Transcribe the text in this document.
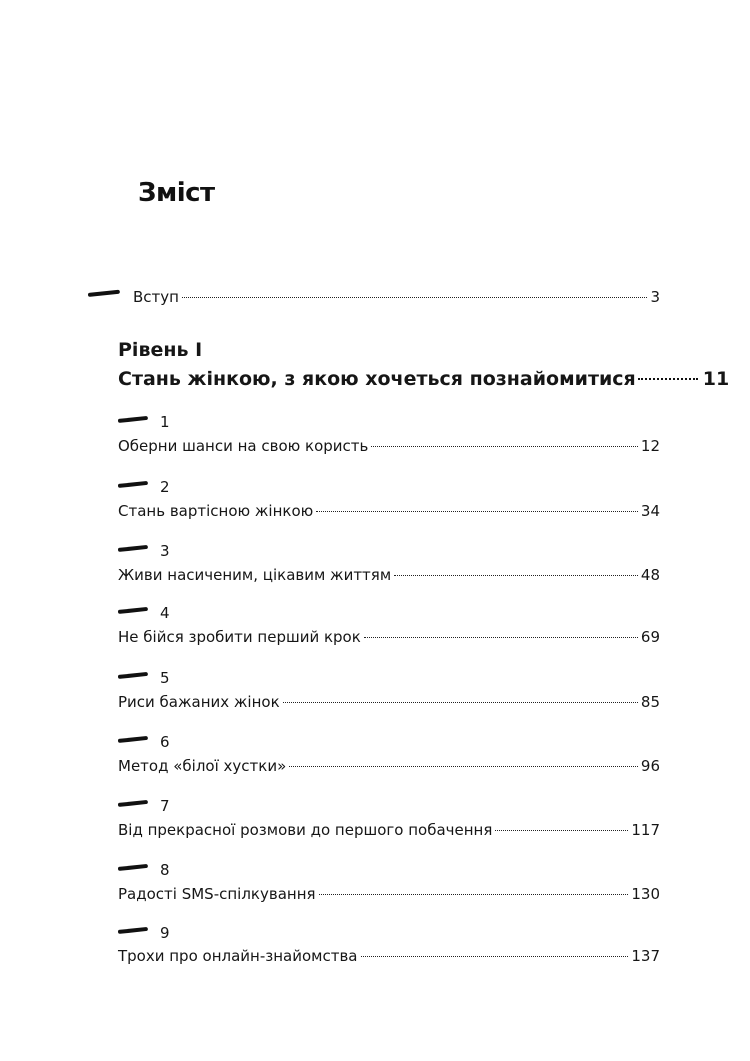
Зміст
Вступ	3
Рівень I
Стань жінкою, з якою хочеться познайомитися	11
1
Оберни шанси на свою користь	12
2
Стань вартісною жінкою	34
3
Живи насиченим, цікавим життям	48
4
Не бійся зробити перший крок	69
5
Риси бажаних жінок	85
6
Метод «білої хустки»	96
7
Від прекрасної розмови до першого побачення	117
8
Радості SMS-спілкування	130
9
Трохи про онлайн-знайомства	137
